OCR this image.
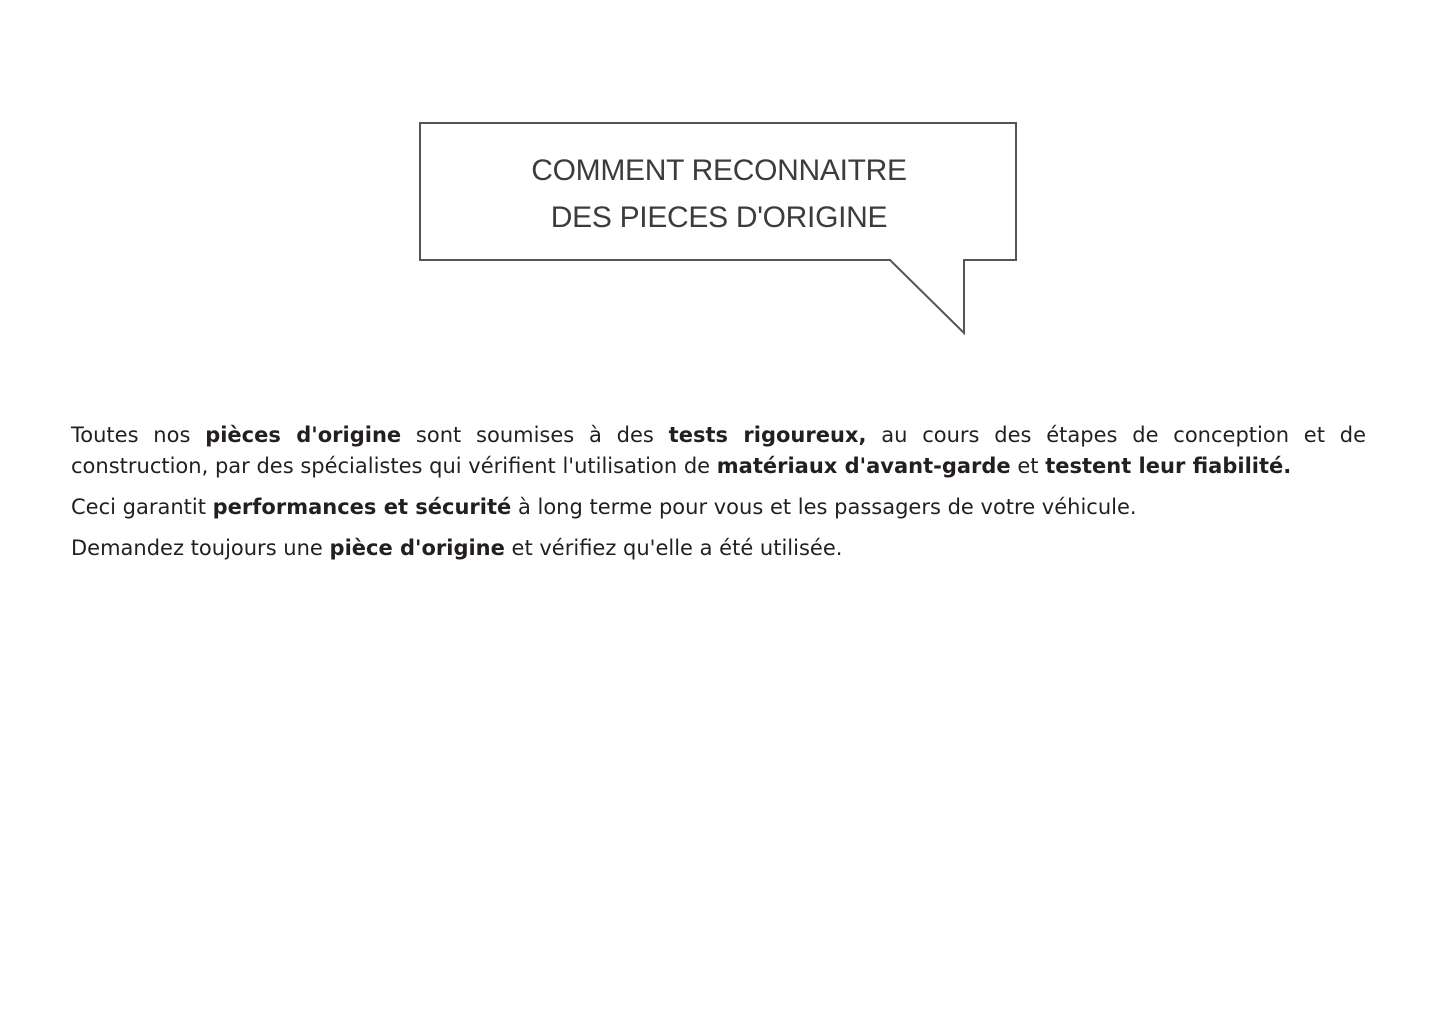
COMMENT RECONNAITRE
DES PIECES D'ORIGINE

Toutes nos pièces d'origine sont soumises à des tests rigoureux, au cours des étapes de conception et de construction, par des spécialistes qui vérifient l'utilisation de matériaux d'avant-garde et testent leur fiabilité.

Ceci garantit performances et sécurité à long terme pour vous et les passagers de votre véhicule.

Demandez toujours une pièce d'origine et vérifiez qu'elle a été utilisée.
